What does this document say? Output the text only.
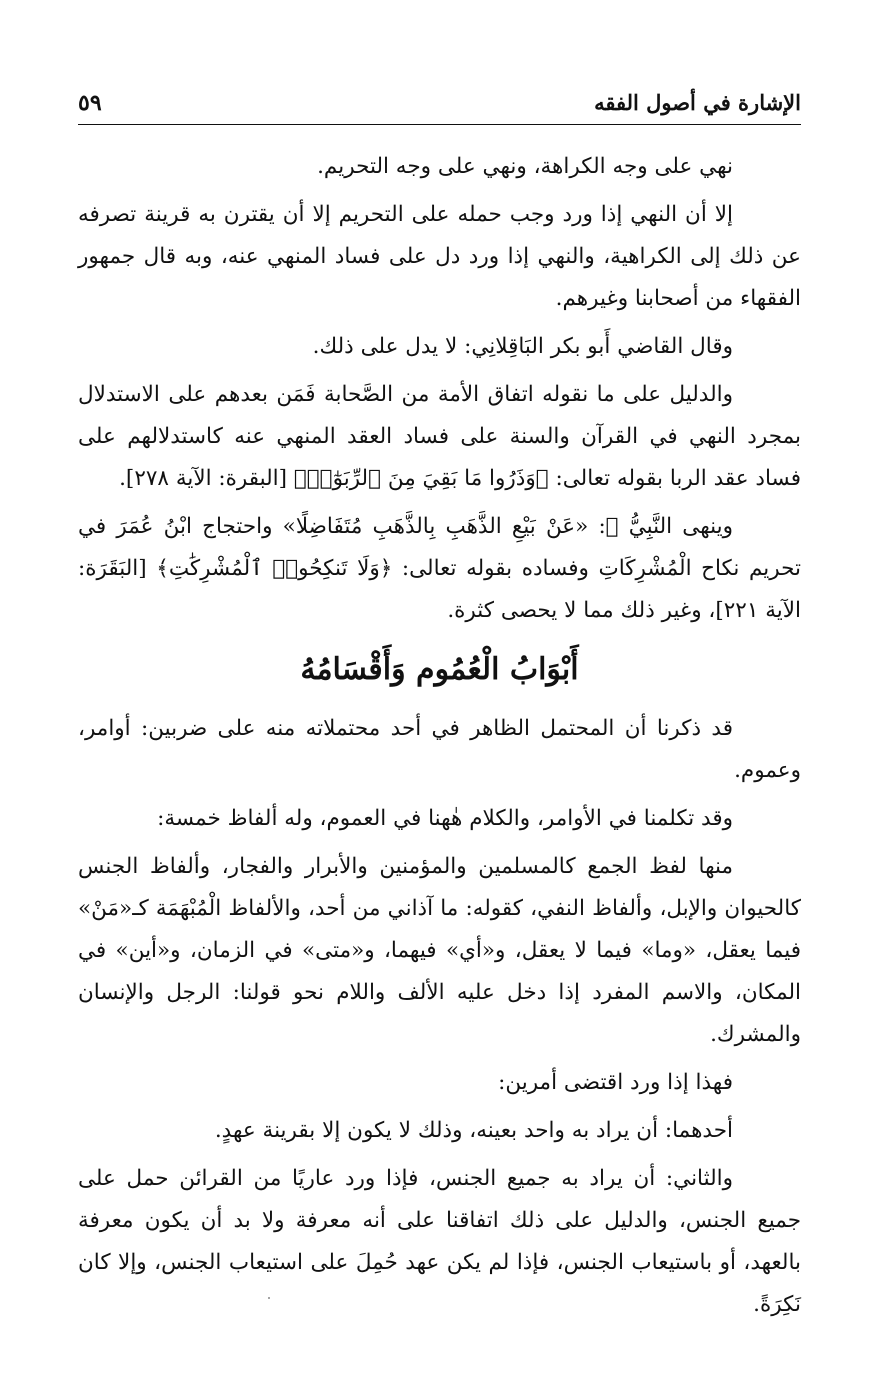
الإشارة في أصول الفقه
٥٩

نهي على وجه الكراهة، ونهي على وجه التحريم.

إلا أن النهي إذا ورد وجب حمله على التحريم إلا أن يقترن به قرينة تصرفه عن ذلك إلى الكراهية، والنهي إذا ورد دل على فساد المنهي عنه، وبه قال جمهور الفقهاء من أصحابنا وغيرهم.

وقال القاضي أَبو بكر البَاقِلانِي: لا يدل على ذلك.

والدليل على ما نقوله اتفاق الأمة من الصَّحابة فَمَن بعدهم على الاستدلال بمجرد النهي في القرآن والسنة على فساد العقد المنهي عنه كاستدلالهم على فساد عقد الربا بقوله تعالى: ﴿وَذَرُوا مَا بَقِيَ مِنَ ٱلرِّبَوٰٓا۟﴾ [البقرة: الآية ٢٧٨].

وينهى النَّبِيُّ ﷺ: «عَنْ بَيْعِ الذَّهَبِ بِالذَّهَبِ مُتَفَاضِلًا» واحتجاج ابْنُ عُمَرَ في تحريم نكاح الْمُشْرِكَاتِ وفساده بقوله تعالى: ﴿وَلَا تَنكِحُوا۟ ٱلْمُشْرِكَٰتِ﴾ [البَقَرَة: الآية ٢٢١]، وغير ذلك مما لا يحصى كثرة.

أَبْوَابُ الْعُمُوم وَأَقْسَامُهُ

قد ذكرنا أن المحتمل الظاهر في أحد محتملاته منه على ضربين: أوامر، وعموم.

وقد تكلمنا في الأوامر، والكلام هٰهنا في العموم، وله ألفاظ خمسة:

منها لفظ الجمع كالمسلمين والمؤمنين والأبرار والفجار، وألفاظ الجنس كالحيوان والإبل، وألفاظ النفي، كقوله: ما آذاني من أحد، والألفاظ الْمُبْهَمَة كـ«مَنْ» فيما يعقل، «وما» فيما لا يعقل، و«أي» فيهما، و«متى» في الزمان، و«أين» في المكان، والاسم المفرد إذا دخل عليه الألف واللام نحو قولنا: الرجل والإنسان والمشرك.

فهذا إذا ورد اقتضى أمرين:

أحدهما: أن يراد به واحد بعينه، وذلك لا يكون إلا بقرينة عهدٍ.

والثاني: أن يراد به جميع الجنس، فإذا ورد عاريًا من القرائن حمل على جميع الجنس، والدليل على ذلك اتفاقنا على أنه معرفة ولا بد أن يكون معرفة بالعهد، أو باستيعاب الجنس، فإذا لم يكن عهد حُمِلَ على استيعاب الجنس، وإلا كان نَكِرَةً.
